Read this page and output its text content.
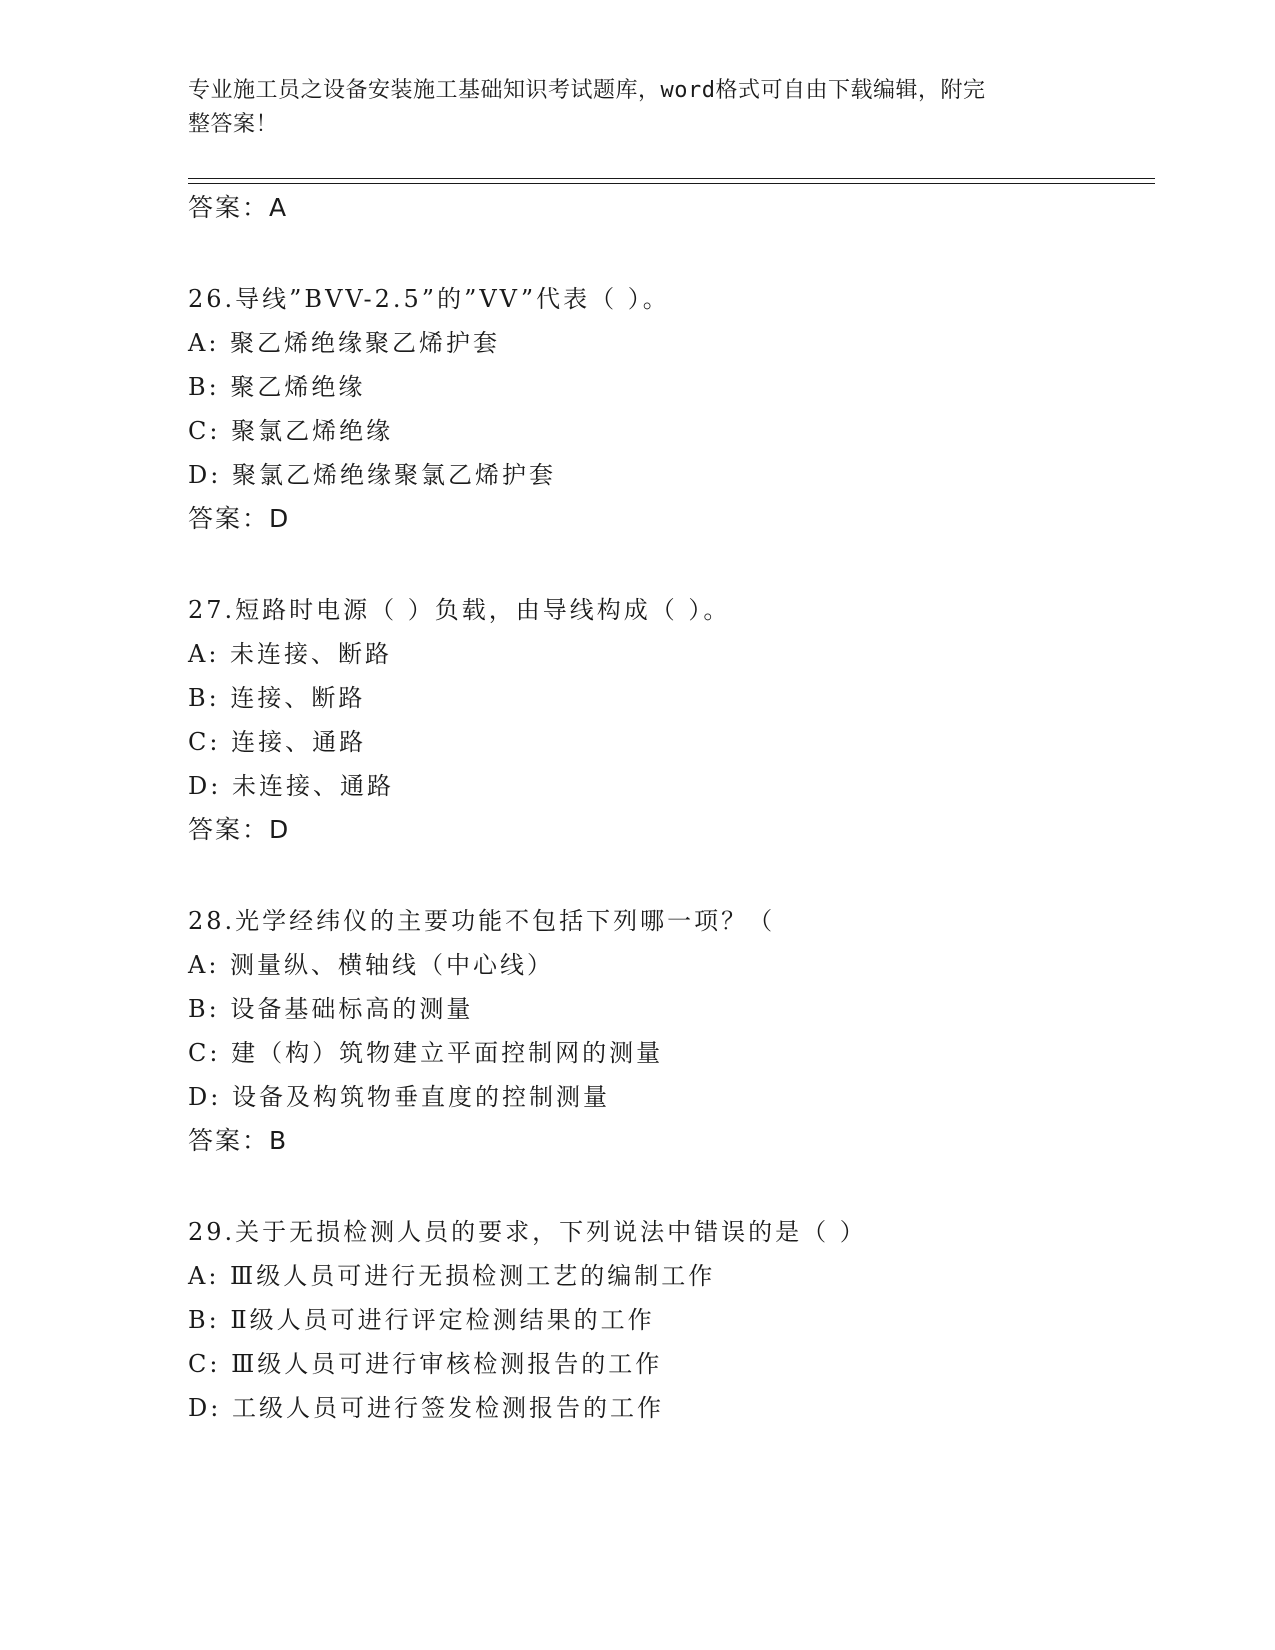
专业施工员之设备安装施工基础知识考试题库，word格式可自由下载编辑，附完
整答案！
答案：A
26.导线”BVV-2.5”的”VV”代表（ ）。
A: 聚乙烯绝缘聚乙烯护套
B: 聚乙烯绝缘
C: 聚氯乙烯绝缘
D: 聚氯乙烯绝缘聚氯乙烯护套
答案：D
27.短路时电源（ ）负载，由导线构成（ ）。
A: 未连接、断路
B: 连接、断路
C: 连接、通路
D: 未连接、通路
答案：D
28.光学经纬仪的主要功能不包括下列哪一项？（
A: 测量纵、横轴线（中心线）
B: 设备基础标高的测量
C: 建（构）筑物建立平面控制网的测量
D: 设备及构筑物垂直度的控制测量
答案：B
29.关于无损检测人员的要求，下列说法中错误的是（ ）
A: Ⅲ级人员可进行无损检测工艺的编制工作
B: Ⅱ级人员可进行评定检测结果的工作
C: Ⅲ级人员可进行审核检测报告的工作
D: 工级人员可进行签发检测报告的工作
